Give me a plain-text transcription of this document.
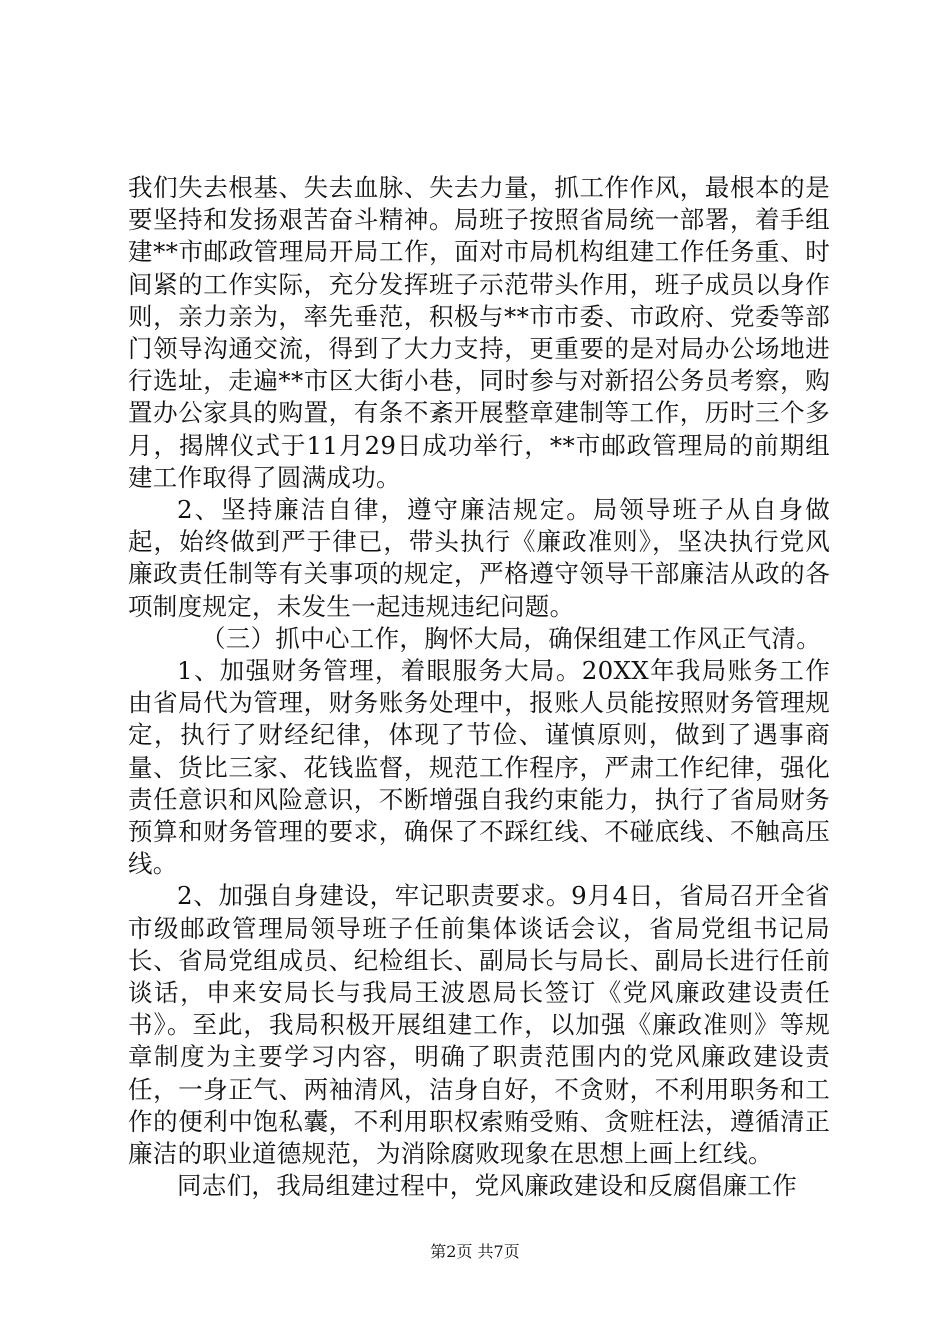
我们失去根基、失去血脉、失去力量，抓工作作风，最根本的是要坚持和发扬艰苦奋斗精神。局班子按照省局统一部署，着手组建**市邮政管理局开局工作，面对市局机构组建工作任务重、时间紧的工作实际，充分发挥班子示范带头作用，班子成员以身作则，亲力亲为，率先垂范，积极与**市市委、市政府、党委等部门领导沟通交流，得到了大力支持，更重要的是对局办公场地进行选址，走遍**市区大街小巷，同时参与对新招公务员考察，购置办公家具的购置，有条不紊开展整章建制等工作，历时三个多月，揭牌仪式于11月29日成功举行，**市邮政管理局的前期组建工作取得了圆满成功。

2、坚持廉洁自律，遵守廉洁规定。局领导班子从自身做起，始终做到严于律已，带头执行《廉政准则》，坚决执行党风廉政责任制等有关事项的规定，严格遵守领导干部廉洁从政的各项制度规定，未发生一起违规违纪问题。

（三）抓中心工作，胸怀大局，确保组建工作风正气清。

1、加强财务管理，着眼服务大局。20XX年我局账务工作由省局代为管理，财务账务处理中，报账人员能按照财务管理规定，执行了财经纪律，体现了节俭、谨慎原则，做到了遇事商量、货比三家、花钱监督，规范工作程序，严肃工作纪律，强化责任意识和风险意识，不断增强自我约束能力，执行了省局财务预算和财务管理的要求，确保了不踩红线、不碰底线、不触高压线。

2、加强自身建设，牢记职责要求。9月4日，省局召开全省市级邮政管理局领导班子任前集体谈话会议，省局党组书记局长、省局党组成员、纪检组长、副局长与局长、副局长进行任前谈话，申来安局长与我局王波恩局长签订《党风廉政建设责任书》。至此，我局积极开展组建工作，以加强《廉政准则》等规章制度为主要学习内容，明确了职责范围内的党风廉政建设责任，一身正气、两袖清风，洁身自好，不贪财，不利用职务和工作的便利中饱私囊，不利用职权索贿受贿、贪赃枉法，遵循清正廉洁的职业道德规范，为消除腐败现象在思想上画上红线。

同志们，我局组建过程中，党风廉政建设和反腐倡廉工作

第2页 共7页
